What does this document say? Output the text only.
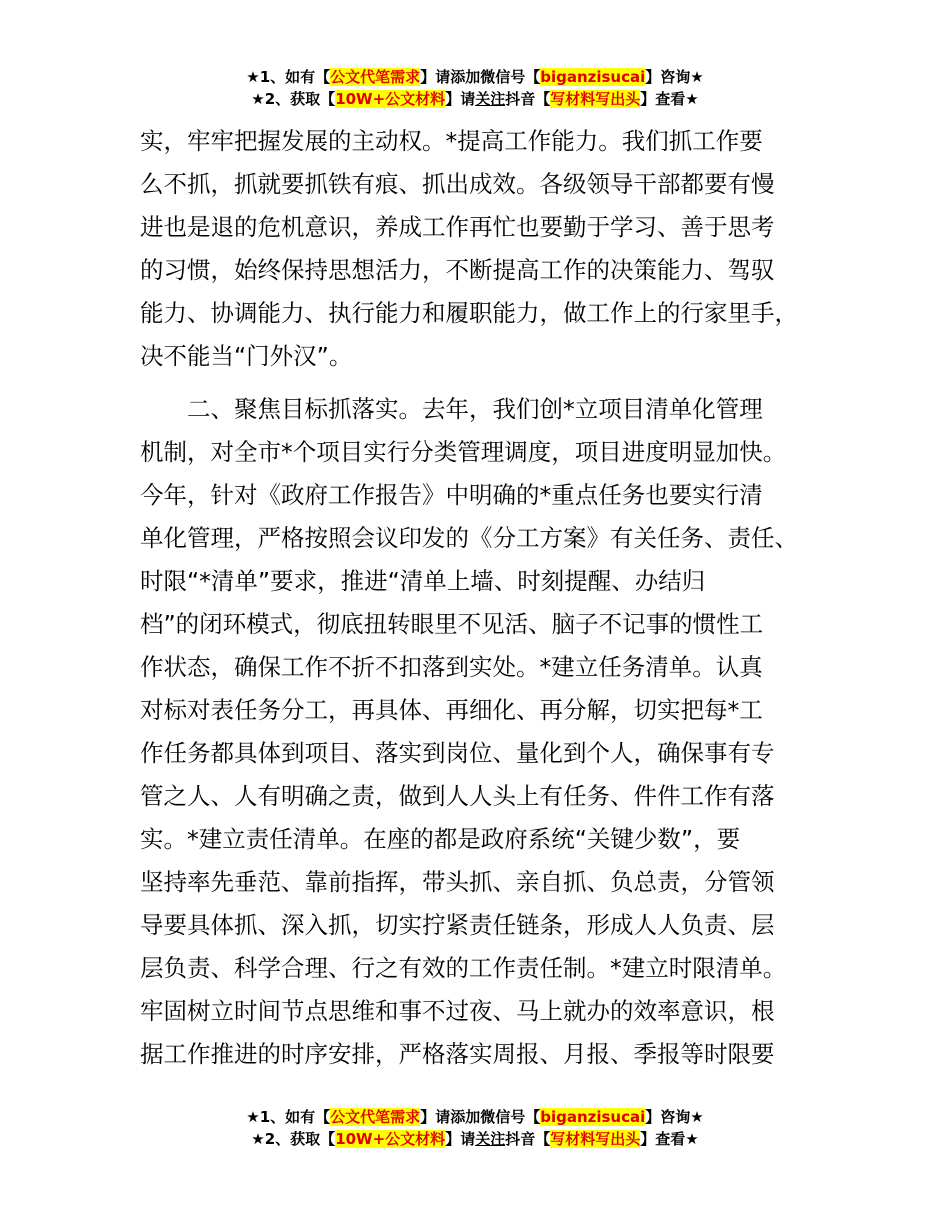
★1、如有【公文代笔需求】请添加微信号【biganzisucai】咨询★
★2、获取【10W+公文材料】请关注抖音【写材料写出头】查看★
实，牢牢把握发展的主动权。*提高工作能力。我们抓工作要
么不抓，抓就要抓铁有痕、抓出成效。各级领导干部都要有慢
进也是退的危机意识，养成工作再忙也要勤于学习、善于思考
的习惯，始终保持思想活力，不断提高工作的决策能力、驾驭
能力、协调能力、执行能力和履职能力，做工作上的行家里手，
决不能当“门外汉”。
　　二、聚焦目标抓落实。去年，我们创*立项目清单化管理
机制，对全市*个项目实行分类管理调度，项目进度明显加快。
今年，针对《政府工作报告》中明确的*重点任务也要实行清
单化管理，严格按照会议印发的《分工方案》有关任务、责任、
时限“*清单”要求，推进“清单上墙、时刻提醒、办结归
档”的闭环模式，彻底扭转眼里不见活、脑子不记事的惯性工
作状态，确保工作不折不扣落到实处。*建立任务清单。认真
对标对表任务分工，再具体、再细化、再分解，切实把每*工
作任务都具体到项目、落实到岗位、量化到个人，确保事有专
管之人、人有明确之责，做到人人头上有任务、件件工作有落
实。*建立责任清单。在座的都是政府系统“关键少数”，要
坚持率先垂范、靠前指挥，带头抓、亲自抓、负总责，分管领
导要具体抓、深入抓，切实拧紧责任链条，形成人人负责、层
层负责、科学合理、行之有效的工作责任制。*建立时限清单。
牢固树立时间节点思维和事不过夜、马上就办的效率意识，根
据工作推进的时序安排，严格落实周报、月报、季报等时限要
★1、如有【公文代笔需求】请添加微信号【biganzisucai】咨询★
★2、获取【10W+公文材料】请关注抖音【写材料写出头】查看★
